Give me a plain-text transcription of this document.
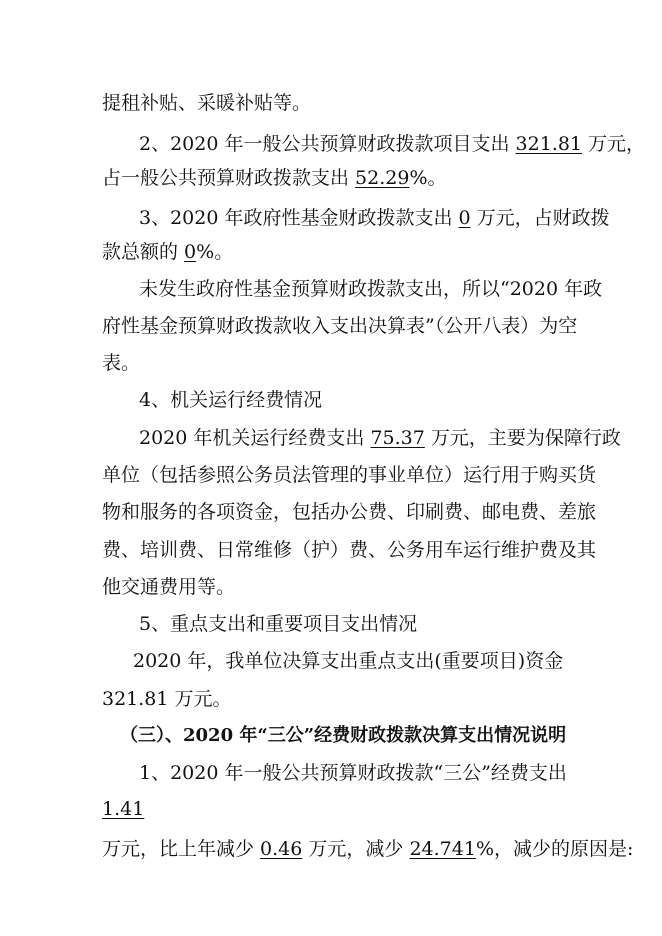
提租补贴、采暖补贴等。
2、2020 年一般公共预算财政拨款项目支出 321.81 万元，
占一般公共预算财政拨款支出 52.29%。
3、2020 年政府性基金财政拨款支出 0 万元，占财政拨
款总额的 0%。
未发生政府性基金预算财政拨款支出，所以“2020 年政
府性基金预算财政拨款收入支出决算表”（公开八表）为空
表。
4、机关运行经费情况
2020 年机关运行经费支出 75.37 万元，主要为保障行政
单位（包括参照公务员法管理的事业单位）运行用于购买货
物和服务的各项资金，包括办公费、印刷费、邮电费、差旅
费、培训费、日常维修（护）费、公务用车运行维护费及其
他交通费用等。
5、重点支出和重要项目支出情况
2020 年，我单位决算支出重点支出(重要项目)资金
321.81 万元。
（三）、2020 年“三公”经费财政拨款决算支出情况说明
1、2020 年一般公共预算财政拨款“三公”经费支出
1.41
万元，比上年减少 0.46 万元，减少 24.741%，减少的原因是:
